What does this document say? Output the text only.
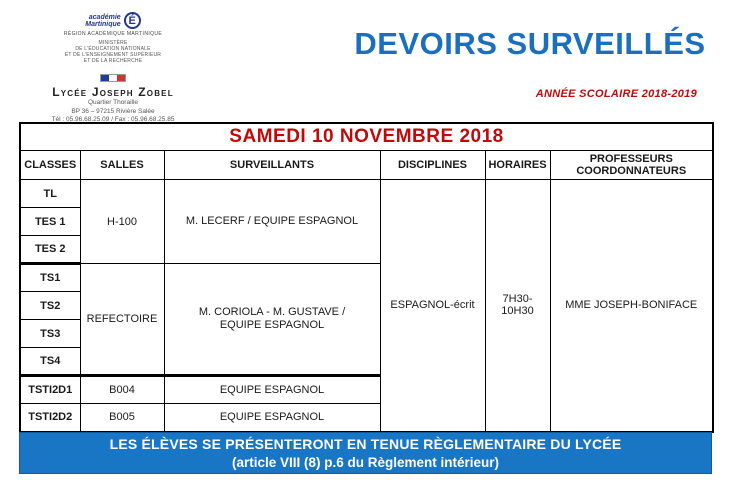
académie
Martinique É
RÉGION ACADÉMIQUE MARTINIQUE
MINISTÈRE
DE L'ÉDUCATION NATIONALE
ET DE L'ENSEIGNEMENT SUPÉRIEUR
ET DE LA RECHERCHE
Lycée Joseph Zobel
Quartier Thoraille
BP 36 – 97215 Rivière Salée
Tél : 05.96.68.25.09 / Fax : 05.96.68.25.85
DEVOIRS SURVEILLÉS
ANNÉE SCOLAIRE 2018-2019
SAMEDI 10 NOVEMBRE 2018					
CLASSES	SALLES	SURVEILLANTS	DISCIPLINES	HORAIRES	PROFESSEURS COORDONNATEURS
TL	H-100	M. LECERF / EQUIPE ESPAGNOL	ESPAGNOL-écrit	7H30-10H30	MME JOSEPH-BONIFACE
TES 1					
TES 2					
TS1	REFECTOIRE	M. CORIOLA - M. GUSTAVE /
EQUIPE ESPAGNOL			

TS2					
TS3					
TS4					
TSTI2D1	B004	EQUIPE ESPAGNOL			

TSTI2D2	B005	EQUIPE ESPAGNOL			
LES ÉLÈVES SE PRÉSENTERONT EN TENUE RÈGLEMENTAIRE DU LYCÉE
(article VIII (8) p.6 du Règlement intérieur)
